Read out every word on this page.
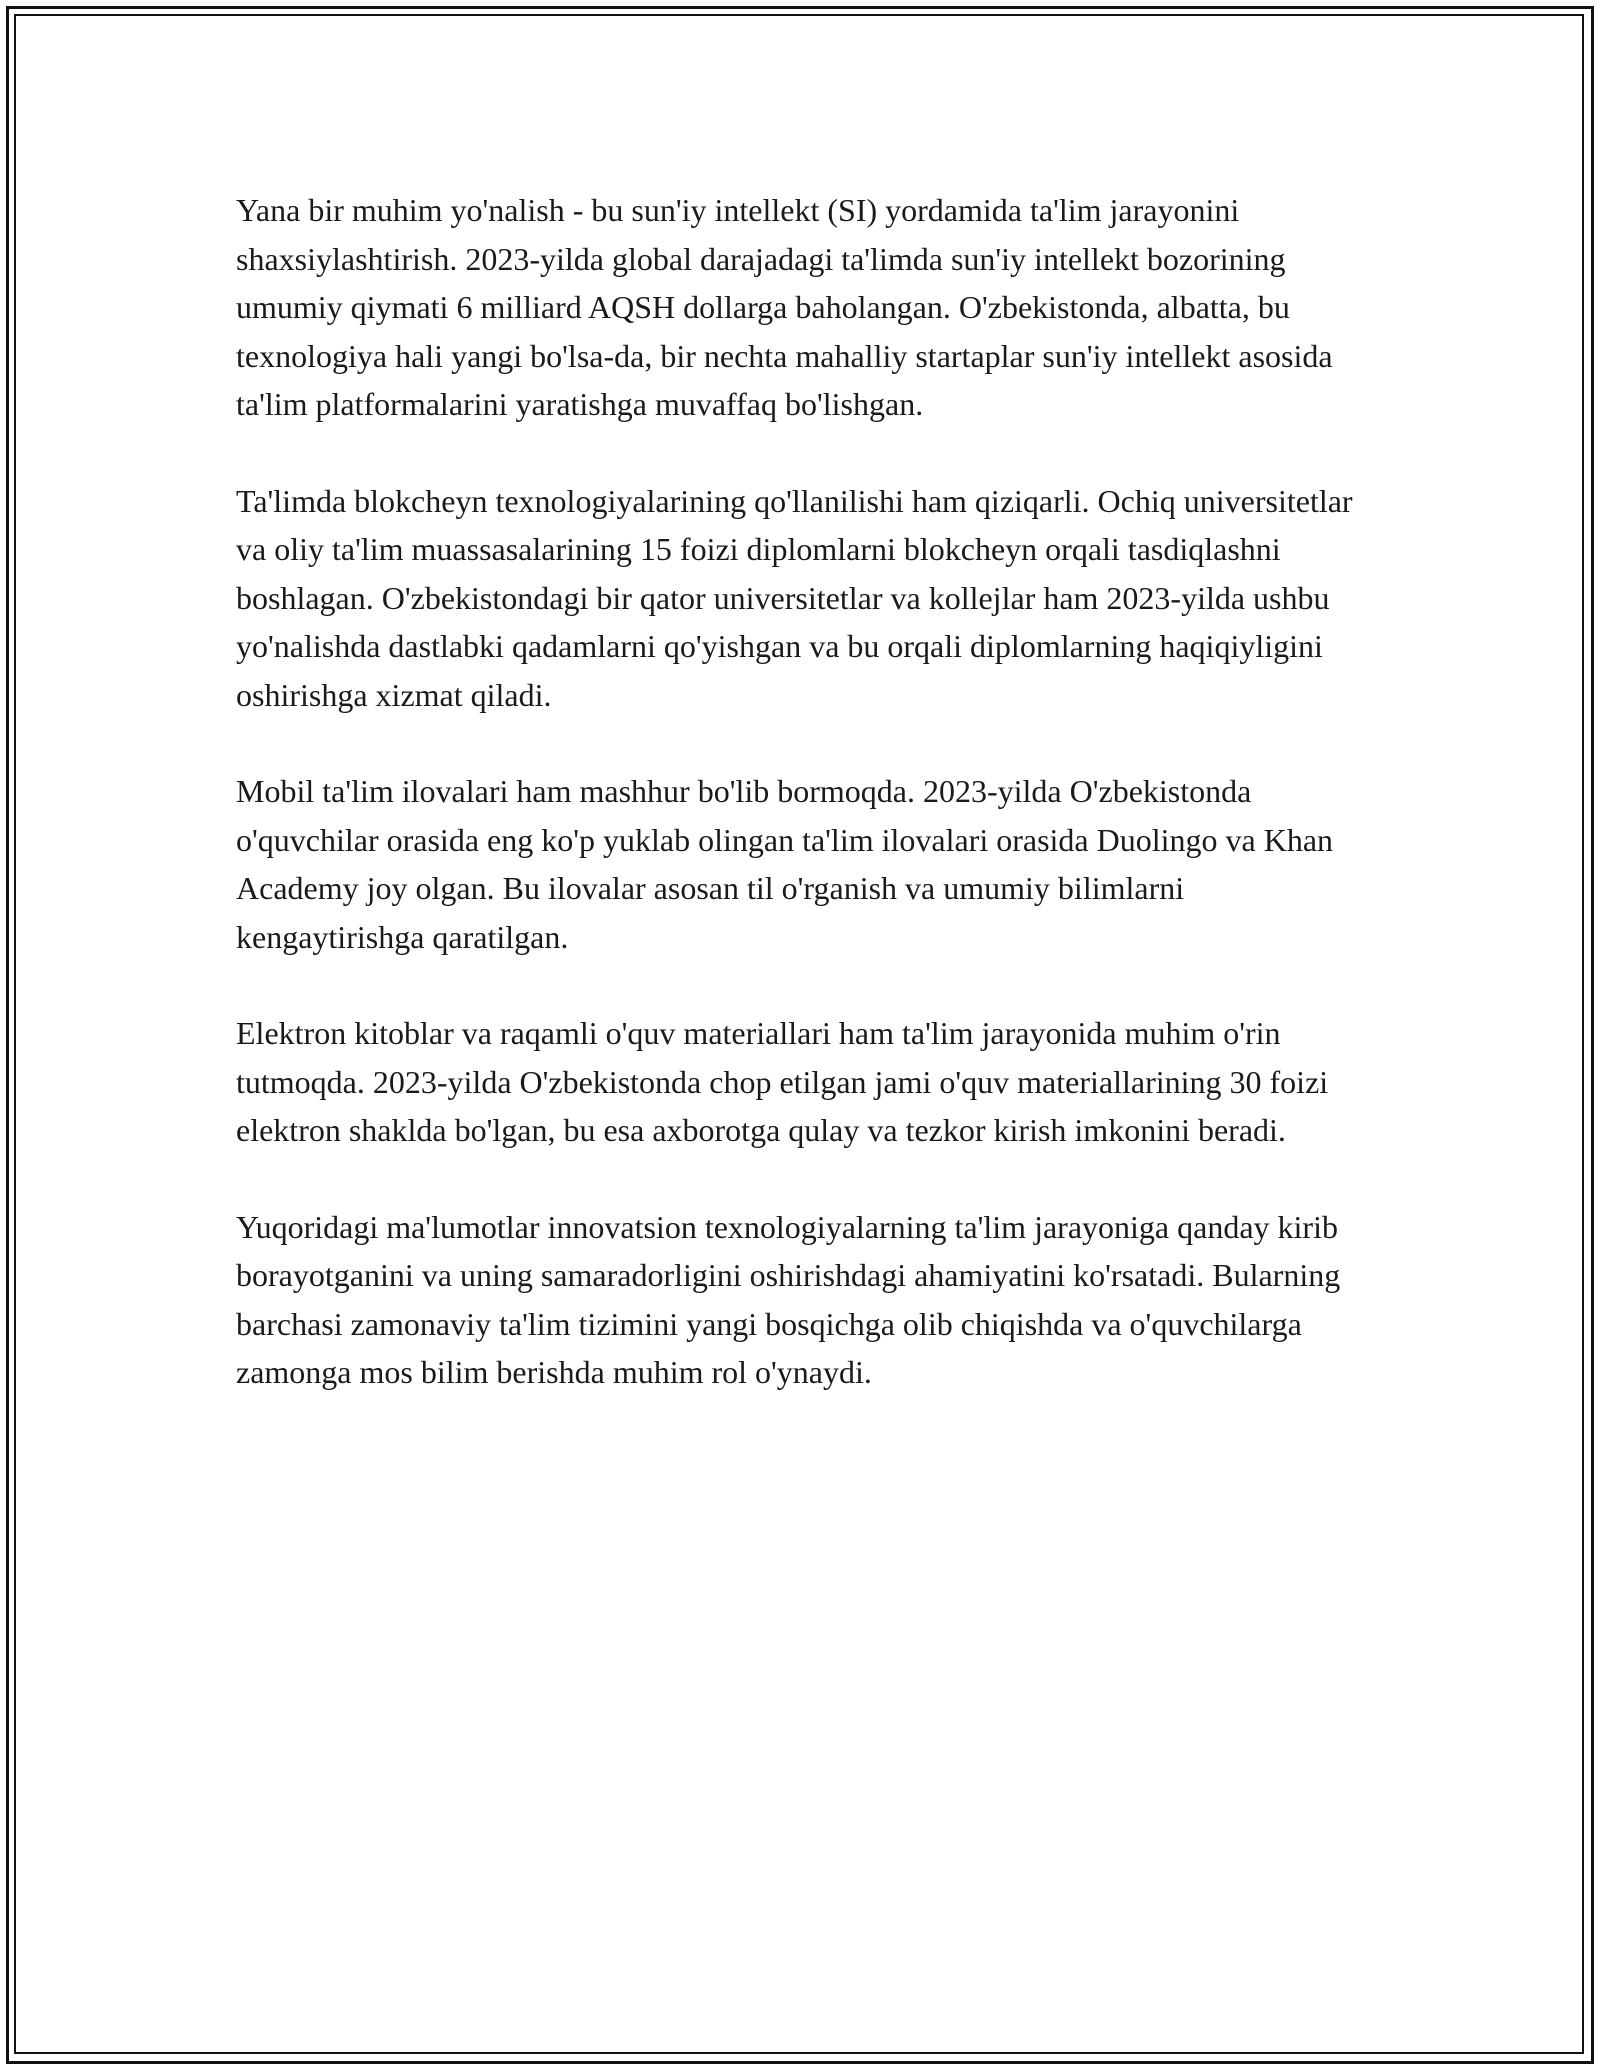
Yana bir muhim yo'nalish - bu sun'iy intellekt (SI) yordamida ta'lim jarayonini shaxsiylashtirish. 2023-yilda global darajadagi ta'limda sun'iy intellekt bozorining umumiy qiymati 6 milliard AQSH dollarga baholangan. O'zbekistonda, albatta, bu texnologiya hali yangi bo'lsa-da, bir nechta mahalliy startaplar sun'iy intellekt asosida ta'lim platformalarini yaratishga muvaffaq bo'lishgan.

Ta'limda blokcheyn texnologiyalarining qo'llanilishi ham qiziqarli. Ochiq universitetlar va oliy ta'lim muassasalarining 15 foizi diplomlarni blokcheyn orqali tasdiqlashni boshlagan. O'zbekistondagi bir qator universitetlar va kollejlar ham 2023-yilda ushbu yo'nalishda dastlabki qadamlarni qo'yishgan va bu orqali diplomlarning haqiqiyligini oshirishga xizmat qiladi.

Mobil ta'lim ilovalari ham mashhur bo'lib bormoqda. 2023-yilda O'zbekistonda o'quvchilar orasida eng ko'p yuklab olingan ta'lim ilovalari orasida Duolingo va Khan Academy joy olgan. Bu ilovalar asosan til o'rganish va umumiy bilimlarni kengaytirishga qaratilgan.

Elektron kitoblar va raqamli o'quv materiallari ham ta'lim jarayonida muhim o'rin tutmoqda. 2023-yilda O'zbekistonda chop etilgan jami o'quv materiallarining 30 foizi elektron shaklda bo'lgan, bu esa axborotga qulay va tezkor kirish imkonini beradi.

Yuqoridagi ma'lumotlar innovatsion texnologiyalarning ta'lim jarayoniga qanday kirib borayotganini va uning samaradorligini oshirishdagi ahamiyatini ko'rsatadi. Bularning barchasi zamonaviy ta'lim tizimini yangi bosqichga olib chiqishda va o'quvchilarga zamonga mos bilim berishda muhim rol o'ynaydi.
